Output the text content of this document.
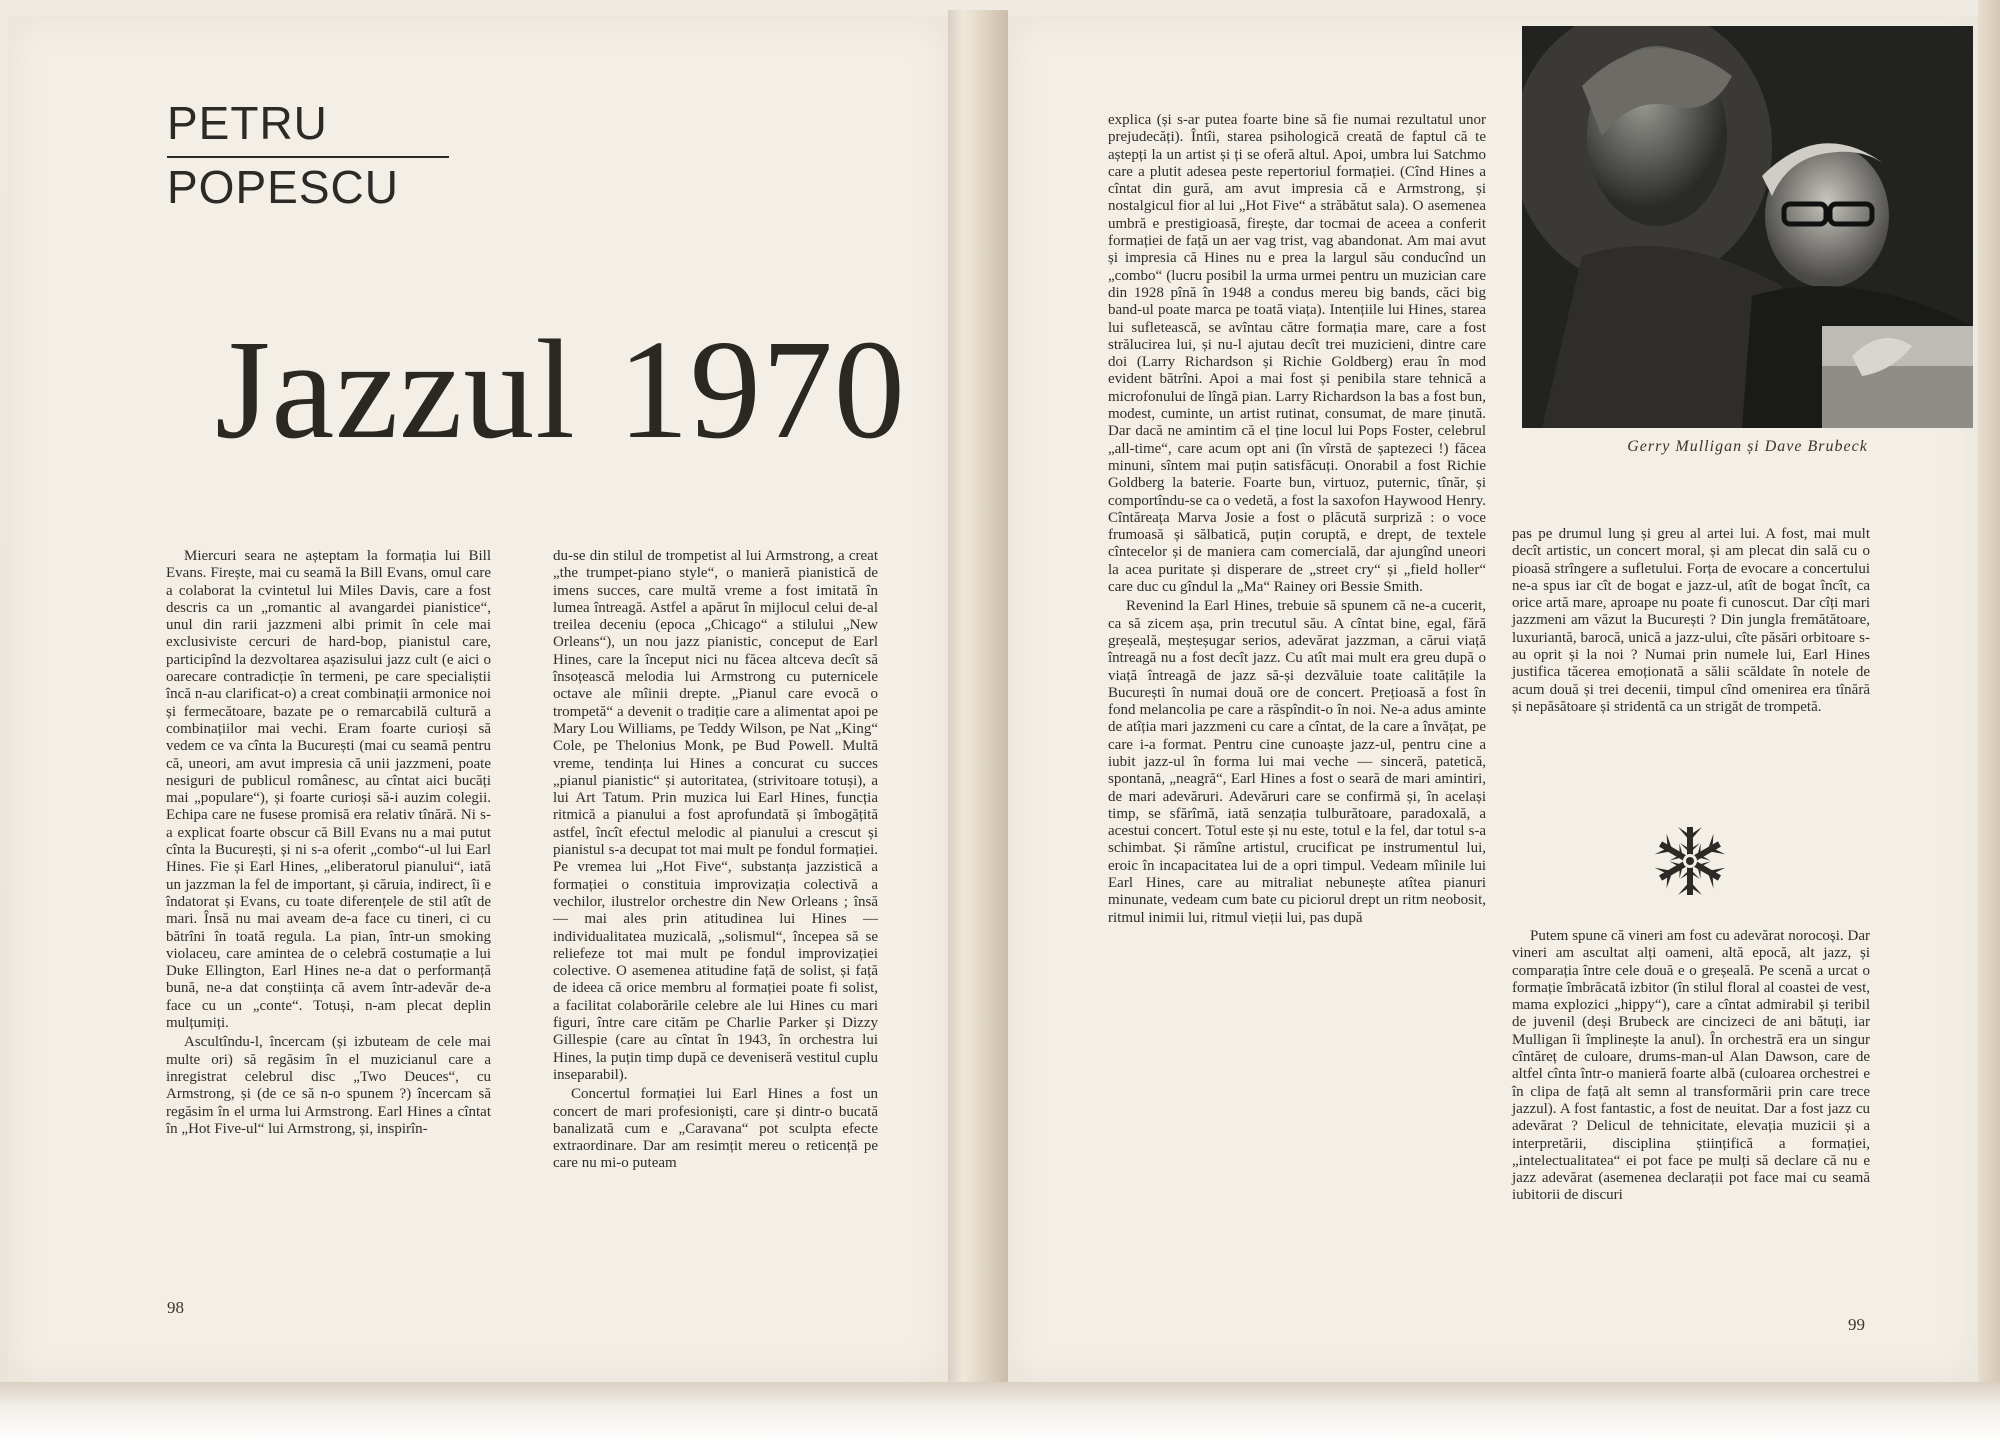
PETRU
POPESCU
Jazzul 1970

Miercuri seara ne așteptam la formația lui Bill Evans. Firește, mai cu seamă la Bill Evans, omul care a colaborat la cvintetul lui Miles Davis, care a fost descris ca un „romantic al avangardei pianistice“, unul din rarii jazzmeni albi primit în cele mai exclusiviste cercuri de hard-bop, pianistul care, participînd la dezvoltarea așazisului jazz cult (e aici o oarecare contradicție în termeni, pe care specialiștii încă n-au clarificat-o) a creat combinații armonice noi și fermecătoare, bazate pe o remarcabilă cultură a combinațiilor mai vechi. Eram foarte curioși să vedem ce va cînta la București (mai cu seamă pentru că, uneori, am avut impresia că unii jazzmeni, poate nesiguri de publicul românesc, au cîntat aici bucăți mai „populare“), și foarte curioși să-i auzim colegii. Echipa care ne fusese promisă era relativ tînără. Ni s-a explicat foarte obscur că Bill Evans nu a mai putut cînta la București, și ni s-a oferit „combo“-ul lui Earl Hines. Fie și Earl Hines, „eliberatorul pianului“, iată un jazzman la fel de important, și căruia, indirect, îi e îndatorat și Evans, cu toate diferențele de stil atît de mari. Însă nu mai aveam de-a face cu tineri, ci cu bătrîni în toată regula. La pian, într-un smoking violaceu, care amintea de o celebră costumație a lui Duke Ellington, Earl Hines ne-a dat o performanță bună, ne-a dat conștiința că avem într-adevăr de-a face cu un „conte“. Totuși, n-am plecat deplin mulțumiți.

Ascultîndu-l, încercam (și izbuteam de cele mai multe ori) să regăsim în el muzicianul care a inregistrat celebrul disc „Two Deuces“, cu Armstrong, și (de ce să n-o spunem ?) încercam să regăsim în el urma lui Armstrong. Earl Hines a cîntat în „Hot Five-ul“ lui Armstrong, și, inspirîn-

du-se din stilul de trompetist al lui Armstrong, a creat „the trumpet-piano style“, o manieră pianistică de imens succes, care multă vreme a fost imitată în lumea întreagă. Astfel a apărut în mijlocul celui de-al treilea deceniu (epoca „Chicago“ a stilului „New Orleans“), un nou jazz pianistic, conceput de Earl Hines, care la început nici nu făcea altceva decît să însoțească melodia lui Armstrong cu puternicele octave ale mîinii drepte. „Pianul care evocă o trompetă“ a devenit o tradiție care a alimentat apoi pe Mary Lou Williams, pe Teddy Wilson, pe Nat „King“ Cole, pe Thelonius Monk, pe Bud Powell. Multă vreme, tendința lui Hines a concurat cu succes „pianul pianistic“ și autoritatea, (strivitoare totuși), a lui Art Tatum. Prin muzica lui Earl Hines, funcția ritmică a pianului a fost aprofundată și îmbogățită astfel, încît efectul melodic al pianului a crescut și pianistul s-a decupat tot mai mult pe fondul formației. Pe vremea lui „Hot Five“, substanța jazzistică a formației o constituia improvizația colectivă a vechilor, ilustrelor orchestre din New Orleans ; însă — mai ales prin atitudinea lui Hines — individualitatea muzicală, „solismul“, începea să se reliefeze tot mai mult pe fondul improvizației colective. O asemenea atitudine față de solist, și față de ideea că orice membru al formației poate fi solist, a facilitat colaborările celebre ale lui Hines cu mari figuri, între care cităm pe Charlie Parker și Dizzy Gillespie (care au cîntat în 1943, în orchestra lui Hines, la puțin timp după ce deveniseră vestitul cuplu inseparabil).

Concertul formației lui Earl Hines a fost un concert de mari profesioniști, care și dintr-o bucată banalizată cum e „Caravana“ pot sculpta efecte extraordinare. Dar am resimțit mereu o reticență pe care nu mi-o puteam

98
Gerry Mulligan și Dave Brubeck

explica (și s-ar putea foarte bine să fie numai rezultatul unor prejudecăți). Întîi, starea psihologică creată de faptul că te aștepți la un artist și ți se oferă altul. Apoi, umbra lui Satchmo care a plutit adesea peste repertoriul formației. (Cînd Hines a cîntat din gură, am avut impresia că e Armstrong, și nostalgicul fior al lui „Hot Five“ a străbătut sala). O asemenea umbră e prestigioasă, firește, dar tocmai de aceea a conferit formației de față un aer vag trist, vag abandonat. Am mai avut și impresia că Hines nu e prea la largul său conducînd un „combo“ (lucru posibil la urma urmei pentru un muzician care din 1928 pînă în 1948 a condus mereu big bands, căci big band-ul poate marca pe toată viața). Intențiile lui Hines, starea lui sufletească, se avîntau către formația mare, care a fost strălucirea lui, și nu-l ajutau decît trei muzicieni, dintre care doi (Larry Richardson și Richie Goldberg) erau în mod evident bătrîni. Apoi a mai fost și penibila stare tehnică a microfonului de lîngă pian. Larry Richardson la bas a fost bun, modest, cuminte, un artist rutinat, consumat, de mare ținută. Dar dacă ne amintim că el ține locul lui Pops Foster, celebrul „all-time“, care acum opt ani (în vîrstă de șaptezeci !) făcea minuni, sîntem mai puțin satisfăcuți. Onorabil a fost Richie Goldberg la baterie. Foarte bun, virtuoz, puternic, tînăr, și comportîndu-se ca o vedetă, a fost la saxofon Haywood Henry. Cîntăreața Marva Josie a fost o plăcută surpriză : o voce frumoasă și sălbatică, puțin coruptă, e drept, de textele cîntecelor și de maniera cam comercială, dar ajungînd uneori la acea puritate și disperare de „street cry“ și „field holler“ care duc cu gîndul la „Ma“ Rainey ori Bessie Smith.

Revenind la Earl Hines, trebuie să spunem că ne-a cucerit, ca să zicem așa, prin trecutul său. A cîntat bine, egal, fără greșeală, meșteșugar serios, adevărat jazzman, a cărui viață întreagă nu a fost decît jazz. Cu atît mai mult era greu după o viață întreagă de jazz să-și dezvăluie toate calitățile la București în numai două ore de concert. Prețioasă a fost în fond melancolia pe care a răspîndit-o în noi. Ne-a adus aminte de atîția mari jazzmeni cu care a cîntat, de la care a învățat, pe care i-a format. Pentru cine cunoaște jazz-ul, pentru cine a iubit jazz-ul în forma lui mai veche — sinceră, patetică, spontană, „neagră“, Earl Hines a fost o seară de mari amintiri, de mari adevăruri. Adevăruri care se confirmă și, în același timp, se sfărîmă, iată senzația tulburătoare, paradoxală, a acestui concert. Totul este și nu este, totul e la fel, dar totul s-a schimbat. Și rămîne artistul, crucificat pe instrumentul lui, eroic în incapacitatea lui de a opri timpul. Vedeam mîinile lui Earl Hines, care au mitraliat nebunește atîtea pianuri minunate, vedeam cum bate cu piciorul drept un ritm neobosit, ritmul inimii lui, ritmul vieții lui, pas după

pas pe drumul lung și greu al artei lui. A fost, mai mult decît artistic, un concert moral, și am plecat din sală cu o pioasă strîngere a sufletului. Forța de evocare a concertului ne-a spus iar cît de bogat e jazz-ul, atît de bogat încît, ca orice artă mare, aproape nu poate fi cunoscut. Dar cîți mari jazzmeni am văzut la București ? Din jungla fremătătoare, luxuriantă, barocă, unică a jazz-ului, cîte păsări orbitoare s-au oprit și la noi ? Numai prin numele lui, Earl Hines justifica tăcerea emoționată a sălii scăldate în notele de acum două și trei decenii, timpul cînd omenirea era tînără și nepăsătoare și stridentă ca un strigăt de trompetă.

Putem spune că vineri am fost cu adevărat norocoși. Dar vineri am ascultat alți oameni, altă epocă, alt jazz, și comparația între cele două e o greșeală. Pe scenă a urcat o formație îmbrăcată izbitor (în stilul floral al coastei de vest, mama explozici „hippy“), care a cîntat admirabil și teribil de juvenil (deși Brubeck are cincizeci de ani bătuți, iar Mulligan îi împlinește la anul). În orchestră era un singur cîntăreț de culoare, drums-man-ul Alan Dawson, care de altfel cînta într-o manieră foarte albă (culoarea orchestrei e în clipa de față alt semn al transformării prin care trece jazzul). A fost fantastic, a fost de neuitat. Dar a fost jazz cu adevărat ? Delicul de tehnicitate, elevația muzicii și a interpretării, disciplina științifică a formației, „intelectualitatea“ ei pot face pe mulți să declare că nu e jazz adevărat (asemenea declarații pot face mai cu seamă iubitorii de discuri

99
